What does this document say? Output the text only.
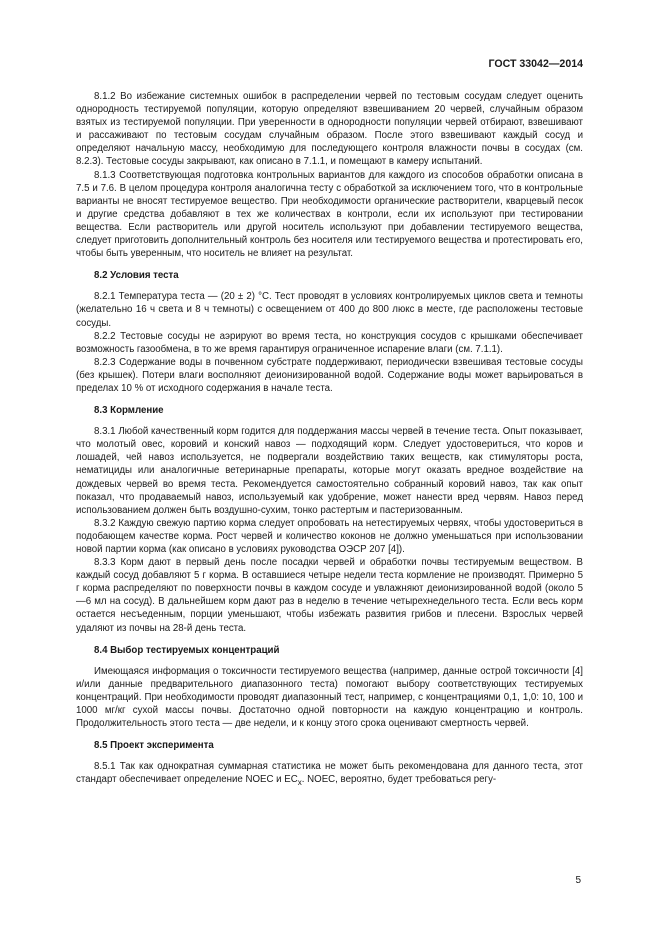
ГОСТ 33042—2014

8.1.2 Во избежание системных ошибок в распределении червей по тестовым сосудам следует оценить однородность тестируемой популяции, которую определяют взвешиванием 20 червей, случайным образом взятых из тестируемой популяции. При уверенности в однородности популяции червей отбирают, взвешивают и рассаживают по тестовым сосудам случайным образом. После этого взвешивают каждый сосуд и определяют начальную массу, необходимую для последующего контроля влажности почвы в сосудах (см. 8.2.3). Тестовые сосуды закрывают, как описано в 7.1.1, и помещают в камеру испытаний.

8.1.3 Соответствующая подготовка контрольных вариантов для каждого из способов обработки описана в 7.5 и 7.6. В целом процедура контроля аналогична тесту с обработкой за исключением того, что в контрольные варианты не вносят тестируемое вещество. При необходимости органические растворители, кварцевый песок и другие средства добавляют в тех же количествах в контроли, если их используют при тестировании вещества. Если растворитель или другой носитель используют при добавлении тестируемого вещества, следует приготовить дополнительный контроль без носителя или тестируемого вещества и протестировать его, чтобы быть уверенным, что носитель не влияет на результат.

8.2 Условия теста

8.2.1 Температура теста — (20 ± 2) °С. Тест проводят в условиях контролируемых циклов света и темноты (желательно 16 ч света и 8 ч темноты) с освещением от 400 до 800 люкс в месте, где расположены тестовые сосуды.

8.2.2 Тестовые сосуды не аэрируют во время теста, но конструкция сосудов с крышками обеспечивает возможность газообмена, в то же время гарантируя ограниченное испарение влаги (см. 7.1.1).

8.2.3 Содержание воды в почвенном субстрате поддерживают, периодически взвешивая тестовые сосуды (без крышек). Потери влаги восполняют деионизированной водой. Содержание воды может варьироваться в пределах 10 % от исходного содержания в начале теста.

8.3 Кормление

8.3.1 Любой качественный корм годится для поддержания массы червей в течение теста. Опыт показывает, что молотый овес, коровий и конский навоз — подходящий корм. Следует удостовериться, что коров и лошадей, чей навоз используется, не подвергали воздействию таких веществ, как стимуляторы роста, нематициды или аналогичные ветеринарные препараты, которые могут оказать вредное воздействие на дождевых червей во время теста. Рекомендуется самостоятельно собранный коровий навоз, так как опыт показал, что продаваемый навоз, используемый как удобрение, может нанести вред червям. Навоз перед использованием должен быть воздушно-сухим, тонко растертым и пастеризованным.

8.3.2 Каждую свежую партию корма следует опробовать на нетестируемых червях, чтобы удостовериться в подобающем качестве корма. Рост червей и количество коконов не должно уменьшаться при использовании новой партии корма (как описано в условиях руководства ОЭСР 207 [4]).

8.3.3 Корм дают в первый день после посадки червей и обработки почвы тестируемым веществом. В каждый сосуд добавляют 5 г корма. В оставшиеся четыре недели теста кормление не производят. Примерно 5 г корма распределяют по поверхности почвы в каждом сосуде и увлажняют деионизированной водой (около 5—6 мл на сосуд). В дальнейшем корм дают раз в неделю в течение четырехнедельного теста. Если весь корм остается несъеденным, порции уменьшают, чтобы избежать развития грибов и плесени. Взрослых червей удаляют из почвы на 28-й день теста.

8.4 Выбор тестируемых концентраций

Имеющаяся информация о токсичности тестируемого вещества (например, данные острой токсичности [4] и/или данные предварительного диапазонного теста) помогают выбору соответствующих тестируемых концентраций. При необходимости проводят диапазонный тест, например, с концентрациями 0,1, 1,0: 10, 100 и 1000 мг/кг сухой массы почвы. Достаточно одной повторности на каждую концентрацию и контроль. Продолжительность этого теста — две недели, и к концу этого срока оценивают смертность червей.

8.5 Проект эксперимента

8.5.1 Так как однократная суммарная статистика не может быть рекомендована для данного теста, этот стандарт обеспечивает определение NOEC и $EC_x$. NOEC, вероятно, будет требоваться регу-

5
